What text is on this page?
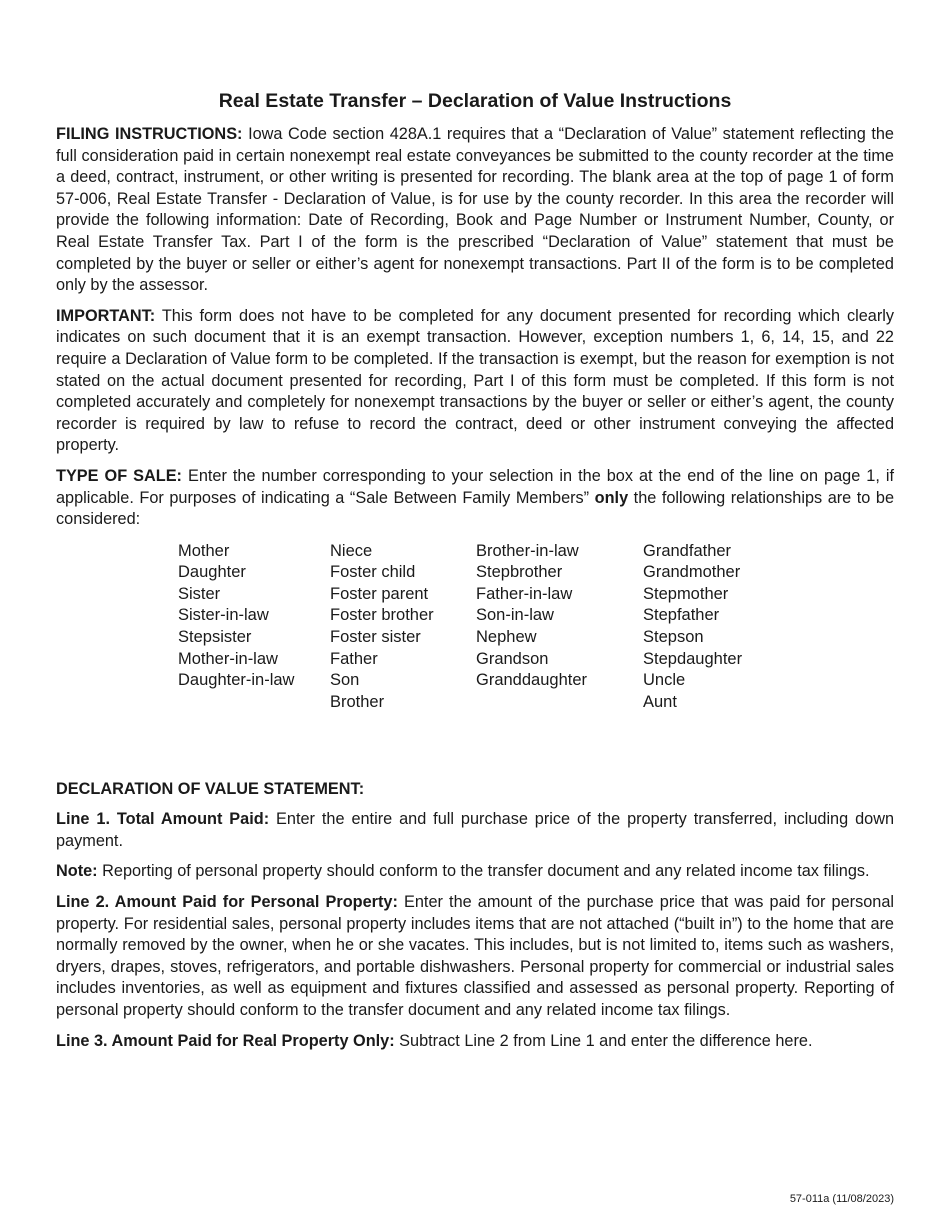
Real Estate Transfer – Declaration of Value Instructions

FILING INSTRUCTIONS: Iowa Code section 428A.1 requires that a “Declaration of Value” statement reflecting the full consideration paid in certain nonexempt real estate conveyances be submitted to the county recorder at the time a deed, contract, instrument, or other writing is presented for recording. The blank area at the top of page 1 of form 57-006, Real Estate Transfer - Declaration of Value, is for use by the county recorder. In this area the recorder will provide the following information: Date of Recording, Book and Page Number or Instrument Number, County, or Real Estate Transfer Tax. Part I of the form is the prescribed “Declaration of Value” statement that must be completed by the buyer or seller or either’s agent for nonexempt transactions. Part II of the form is to be completed only by the assessor.

IMPORTANT: This form does not have to be completed for any document presented for recording which clearly indicates on such document that it is an exempt transaction. However, exception numbers 1, 6, 14, 15, and 22 require a Declaration of Value form to be completed. If the transaction is exempt, but the reason for exemption is not stated on the actual document presented for recording, Part I of this form must be completed. If this form is not completed accurately and completely for nonexempt transactions by the buyer or seller or either’s agent, the county recorder is required by law to refuse to record the contract, deed or other instrument conveying the affected property.

TYPE OF SALE: Enter the number corresponding to your selection in the box at the end of the line on page 1, if applicable. For purposes of indicating a “Sale Between Family Members” only the following relationships are to be considered:

Mother
Daughter
Sister
Sister-in-law
Stepsister
Mother-in-law
Daughter-in-law
Niece
Foster child
Foster parent
Foster brother
Foster sister
Father
Son
Brother
Brother-in-law
Stepbrother
Father-in-law
Son-in-law
Nephew
Grandson
Granddaughter
Grandfather
Grandmother
Stepmother
Stepfather
Stepson
Stepdaughter
Uncle
Aunt
DECLARATION OF VALUE STATEMENT:

Line 1. Total Amount Paid: Enter the entire and full purchase price of the property transferred, including down payment.

Note: Reporting of personal property should conform to the transfer document and any related income tax filings.

Line 2. Amount Paid for Personal Property: Enter the amount of the purchase price that was paid for personal property. For residential sales, personal property includes items that are not attached (“built in”) to the home that are normally removed by the owner, when he or she vacates. This includes, but is not limited to, items such as washers, dryers, drapes, stoves, refrigerators, and portable dishwashers. Personal property for commercial or industrial sales includes inventories, as well as equipment and fixtures classified and assessed as personal property. Reporting of personal property should conform to the transfer document and any related income tax filings.

Line 3. Amount Paid for Real Property Only: Subtract Line 2 from Line 1 and enter the difference here.

57-011a (11/08/2023)
